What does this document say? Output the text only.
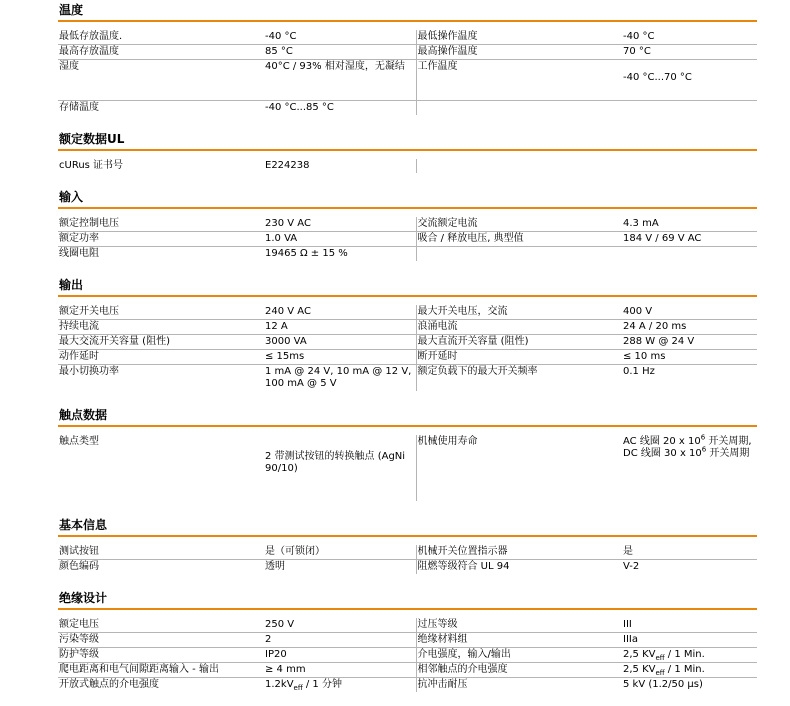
温度
最低存放温度.	-40 °C	最低操作温度	-40 °C
最高存放温度	85 °C	最高操作温度	70 °C
湿度	40°C / 93% 相对湿度，无凝结	工作温度	-40 °C...70 °C
存储温度	-40 °C...85 °C		
额定数据UL
cURus 证书号	E224238		
输入
额定控制电压	230 V AC	交流额定电流	4.3 mA
额定功率	1.0 VA	吸合 / 释放电压, 典型值	184 V / 69 V AC
线圈电阻	19465 Ω ± 15 %		
输出
额定开关电压	240 V AC	最大开关电压，交流	400 V
持续电流	12 A	浪涌电流	24 A / 20 ms
最大交流开关容量 (阻性)	3000 VA	最大直流开关容量 (阻性)	288 W @ 24 V
动作延时	≤ 15ms	断开延时	≤ 10 ms
最小切换功率	1 mA @ 24 V, 10 mA @ 12 V, 100 mA @ 5 V	额定负载下的最大开关频率	0.1 Hz
触点数据
触点类型	2 带测试按钮的转换触点 (AgNi 90/10)	机械使用寿命	AC 线圈 20 x $10^6$ 开关周期, DC 线圈 30 x $10^6$ 开关周期
基本信息
测试按钮	是（可锁闭）	机械开关位置指示器	是
颜色编码	透明	阻燃等级符合 UL 94	V-2
绝缘设计
额定电压	250 V	过压等级	III
污染等级	2	绝缘材料组	IIIa
防护等级	IP20	介电强度，输入/输出	2,5 $KV_{eff} / 1$ Min.
爬电距离和电气间隙距离输入 - 输出	≥ 4 mm	相邻触点的介电强度	2,5 $KV_{eff} / 1$ Min.
开放式触点的介电强度	$1.2kV_{eff} / 1$ 分钟	抗冲击耐压	5 kV (1.2/50 µs)
